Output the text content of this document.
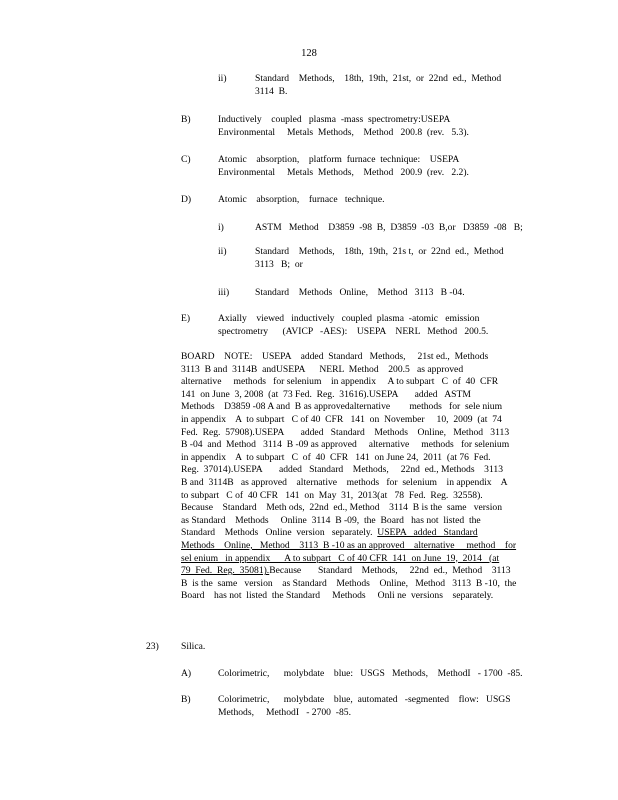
128
ii)	Standard    Methods,    18th,  19th,  21st,  or  22nd  ed.,  Method

3114  B.

B)	Inductively    coupled   plasma  -mass  spectrometry:USEPA

Environmental     Metals  Methods,    Method   200.8  (rev.   5.3).

C)	Atomic    absorption,    platform  furnace  technique:    USEPA

Environmental     Metals  Methods,    Method   200.9  (rev.   2.2).

D)	Atomic    absorption,    furnace   technique.

i)	ASTM   Method    D3859  -98  B,  D3859  -03  B,or   D3859  -08   B;

ii)	Standard    Methods,    18th,  19th,  21s t,  or  22nd  ed.,  Method

3113   B;  or

iii)	Standard    Methods   Online,    Method   3113   B -04.

E)	Axially    viewed   inductively   coupled  plasma  -atomic   emission

spectrometry      (AVICP   -AES):    USEPA    NERL   Method   200.5.

BOARD    NOTE:    USEPA    added  Standard   Methods,     21st ed.,  Methods
3113  B and  3114B  andUSEPA      NERL  Method    200.5   as approved
alternative     methods   for selenium    in appendix     A to subpart   C  of  40  CFR
141  on June  3, 2008  (at  73 Fed.  Reg.  31616).USEPA       added   ASTM
Methods    D3859 -08 A and  B as approvedalternative        methods   for  sele nium
in appendix    A  to subpart   C of 40  CFR   141  on  November     10,  2009  (at  74
Fed.  Reg.  57908).USEPA       added   Standard    Methods    Online,   Method   3113
B -04  and  Method   3114  B -09 as approved     alternative     methods   for selenium
in appendix    A  to subpart   C  of  40  CFR   141  on June 24,  2011  (at 76  Fed.
Reg.  37014).USEPA       added   Standard    Methods,     22nd  ed., Methods    3113
B and  3114B   as approved    alternative    methods   for  selenium    in appendix    A
to subpart   C of  40 CFR   141  on  May  31,  2013(at   78  Fed.  Reg.  32558).
Because    Standard    Meth ods,  22nd  ed., Method    3114  B is the  same   version
as Standard    Methods     Online  3114  B -09,  the  Board   has not  listed  the
Standard    Methods   Online  version   separately. USEPA   added   Standard
Methods    Online,   Method    3113  B -10 as an approved    alternative     method    for
sel enium   in appendix      A to subpart   C of 40 CFR  141  on June  19,  2014   (at
79  Fed.  Reg.  35081).Because       Standard    Methods,     22nd  ed.,  Method    3113
B  is the  same   version    as Standard    Methods    Online,   Method   3113  B -10,  the
Board    has not  listed  the Standard     Methods     Onli ne  versions    separately.
23) Silica.
A)	Colorimetric,      molybdate    blue:   USGS   Methods,    MethodI   - 1700  -85.

B)	Colorimetric,      molybdate    blue,  automated   -segmented    flow:   USGS

Methods,     MethodI   - 2700  -85.
